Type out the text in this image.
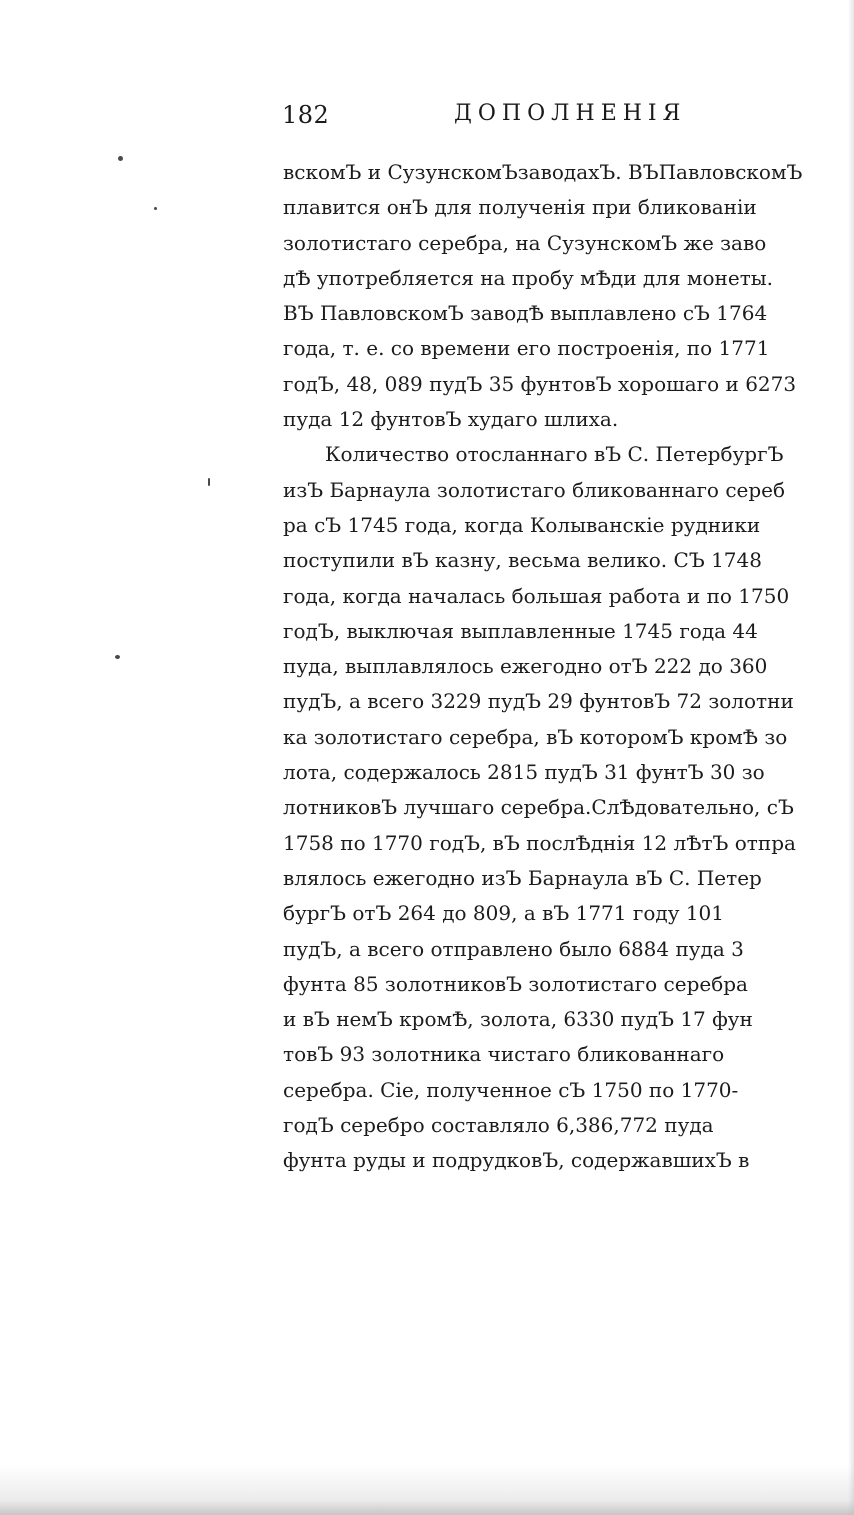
182	ДОПОЛНЕНІЯ
вскомЪ и СузунскомЪзаводахЪ. ВЪПавловскомЪ
плавится онЪ для полученія при бликованіи
золотистаго серебра, на СузунскомЪ же заво
дѢ употребляется на пробу мѢди для монеты.
ВЪ ПавловскомЪ заводѢ выплавлено сЪ 1764
года, т. е. со времени его построенія, по 1771
годЪ, 48, 089 пудЪ 35 фунтовЪ хорошаго и 6273
пуда 12 фунтовЪ худаго шлиха.
Количество отосланнаго вЪ С. ПетербургЪ
изЪ Барнаула золотистаго бликованнаго сереб
ра сЪ 1745 года, когда Колыванскіе рудники
поступили вЪ казну, весьма велико. СЪ 1748
года, когда началась большая работа и по 1750
годЪ, выключая выплавленные 1745 года 44
пуда, выплавлялось ежегодно отЪ 222 до 360
пудЪ, а всего 3229 пудЪ 29 фунтовЪ 72 золотни
ка золотистаго серебра, вЪ которомЪ кромѢ зо
лота, содержалось 2815 пудЪ 31 фунтЪ 30 зо
лотниковЪ лучшаго серебра.СлѢдовательно, сЪ
1758 по 1770 годЪ, вЪ послѢднія 12 лѢтЪ отпра
влялось ежегодно изЪ Барнаула вЪ С. Петер
бургЪ отЪ 264 до 809, а вЪ 1771 году 101
пудЪ, а всего отправлено было 6884 пуда 3
фунта 85 золотниковЪ золотистаго серебра
и вЪ немЪ кромѢ, золота, 6330 пудЪ 17 фун
товЪ 93 золотника чистаго бликованнаго
серебра. Сіе, полученное сЪ 1750 по 1770-
годЪ серебро составляло 6,386,772 пуда
фунта руды и подрудковЪ, содержавшихЪ в
